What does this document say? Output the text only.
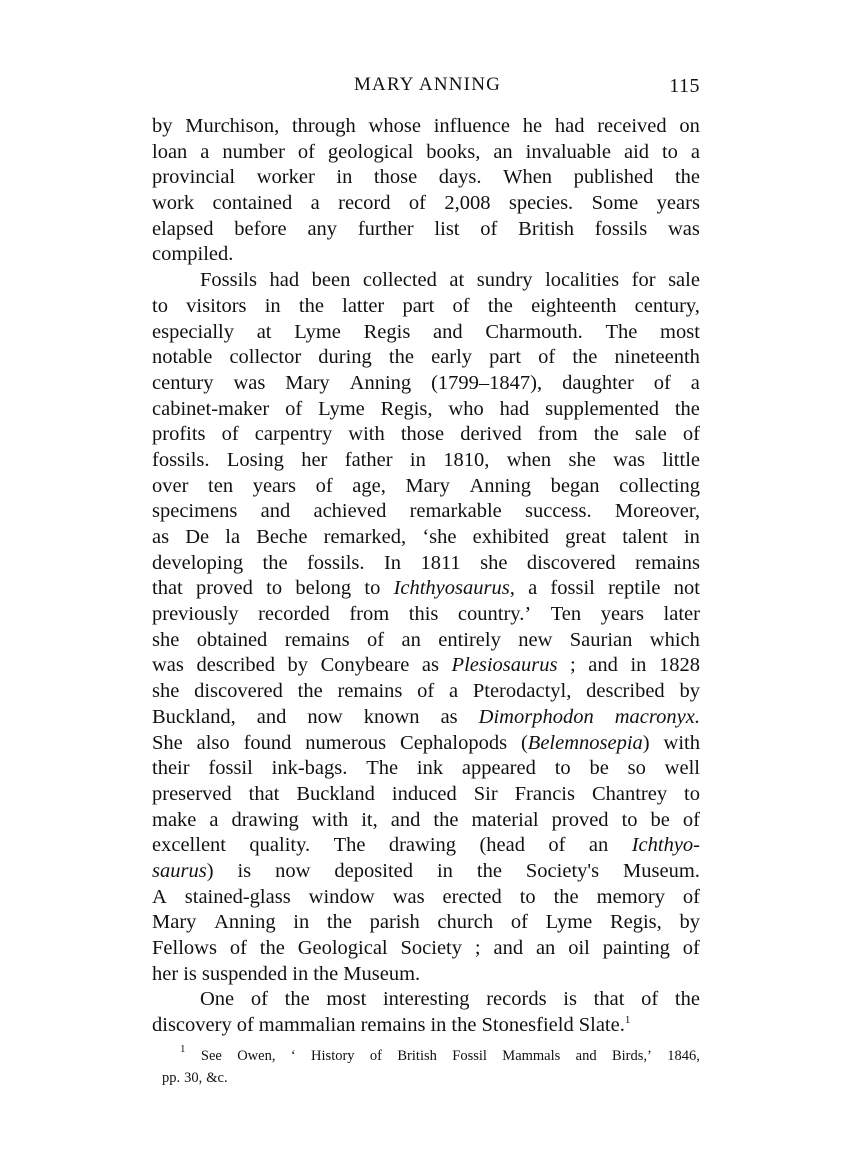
MARY ANNING	115
by Murchison, through whose influence he had received on
loan a number of geological books, an invaluable aid to a
provincial worker in those days. When published the
work contained a record of 2,008 species. Some years
elapsed before any further list of British fossils was
compiled.
Fossils had been collected at sundry localities for sale
to visitors in the latter part of the eighteenth century,
especially at Lyme Regis and Charmouth. The most
notable collector during the early part of the nineteenth
century was Mary Anning (1799–1847), daughter of a
cabinet-maker of Lyme Regis, who had supplemented the
profits of carpentry with those derived from the sale of
fossils. Losing her father in 1810, when she was little
over ten years of age, Mary Anning began collecting
specimens and achieved remarkable success. Moreover,
as De la Beche remarked, ‘she exhibited great talent in
developing the fossils. In 1811 she discovered remains
that proved to belong to Ichthyosaurus, a fossil reptile not
previously recorded from this country.’ Ten years later
she obtained remains of an entirely new Saurian which
was described by Conybeare as Plesiosaurus ; and in 1828
she discovered the remains of a Pterodactyl, described by
Buckland, and now known as Dimorphodon macronyx.
She also found numerous Cephalopods (Belemnosepia) with
their fossil ink-bags. The ink appeared to be so well
preserved that Buckland induced Sir Francis Chantrey to
make a drawing with it, and the material proved to be of
excellent quality. The drawing (head of an Ichthyo-
saurus) is now deposited in the Society's Museum.
A stained-glass window was erected to the memory of
Mary Anning in the parish church of Lyme Regis, by
Fellows of the Geological Society ; and an oil painting of
her is suspended in the Museum.
One of the most interesting records is that of the
discovery of mammalian remains in the Stonesfield Slate.$^1$
$^1$ See Owen, ‘ History of British Fossil Mammals and Birds,’ 1846,
pp. 30, &c.
